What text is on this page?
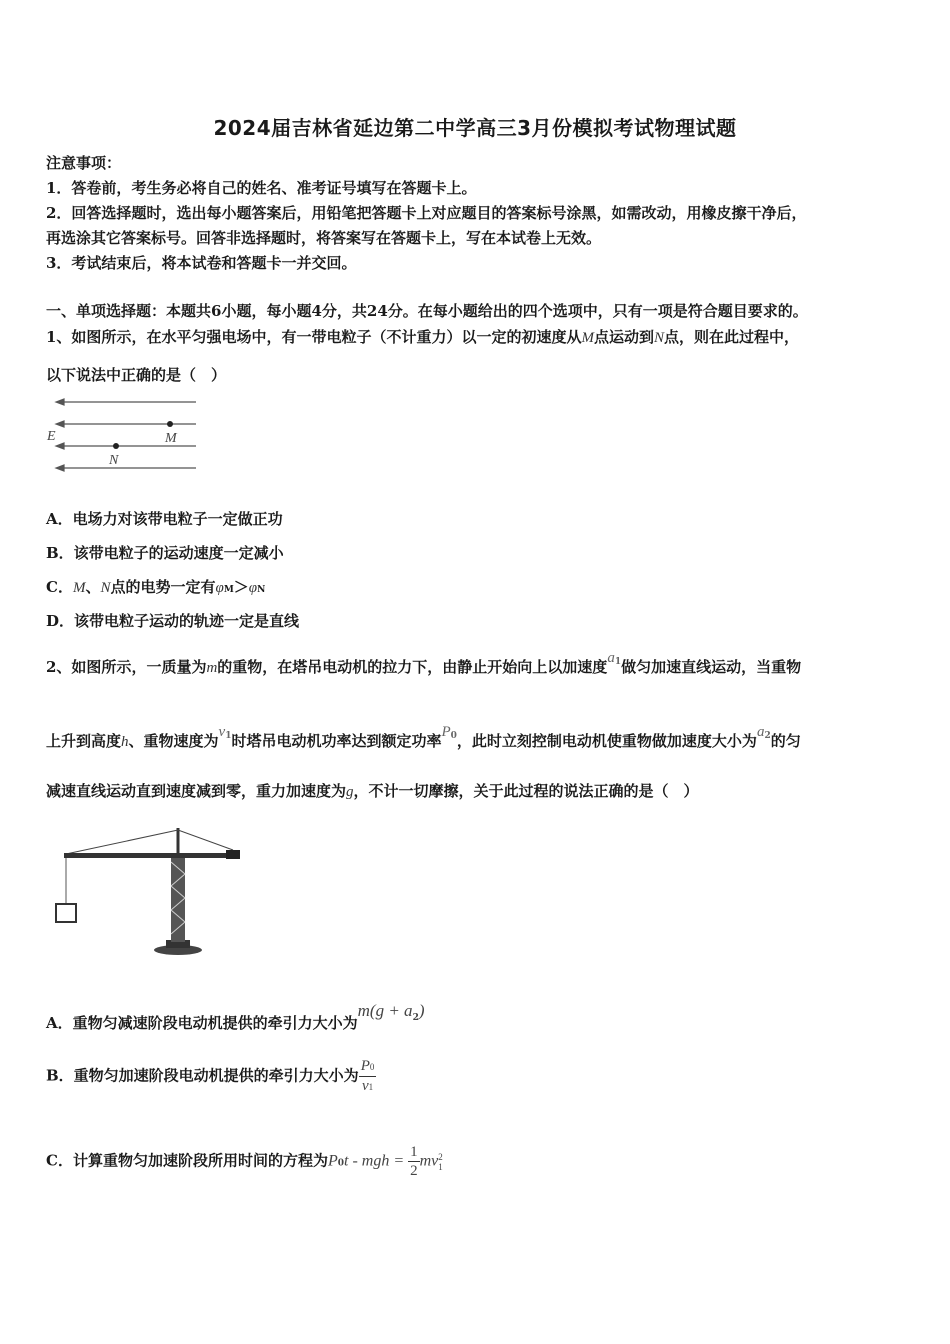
2024届吉林省延边第二中学高三3月份模拟考试物理试题
注意事项：
1．答卷前，考生务必将自己的姓名、准考证号填写在答题卡上。
2．回答选择题时，选出每小题答案后，用铅笔把答题卡上对应题目的答案标号涂黑，如需改动，用橡皮擦干净后，
再选涂其它答案标号。回答非选择题时，将答案写在答题卡上，写在本试卷上无效。
3．考试结束后，将本试卷和答题卡一并交回。
一、单项选择题：本题共6小题，每小题4分，共24分。在每小题给出的四个选项中，只有一项是符合题目要求的。
1、如图所示，在水平匀强电场中，有一带电粒子（不计重力）以一定的初速度从M点运动到N点，则在此过程中，
以下说法中正确的是（　）
E	M
N
A．电场力对该带电粒子一定做正功
B．该带电粒子的运动速度一定减小
C．M、N点的电势一定有φM＞φN
D．该带电粒子运动的轨迹一定是直线
2、如图所示，一质量为m的重物，在塔吊电动机的拉力下，由静止开始向上以加速度$a^1$做匀加速直线运动，当重物
上升到高度h、重物速度为$v^1$时塔吊电动机功率达到额定功率$P^0$，此时立刻控制电动机使重物做加速度大小为$a^2$的匀
减速直线运动直到速度减到零，重力加速度为g，不计一切摩擦，关于此过程的说法正确的是（　）
A．重物匀减速阶段电动机提供的牵引力大小为$m(g + a^2)$
B．重物匀加速阶段电动机提供的牵引力大小为 $\frac{P0}{v1}$
C．计算重物匀加速阶段所用时间的方程为P0t - mgh = $\frac{1}{2}$ mv 2
1
